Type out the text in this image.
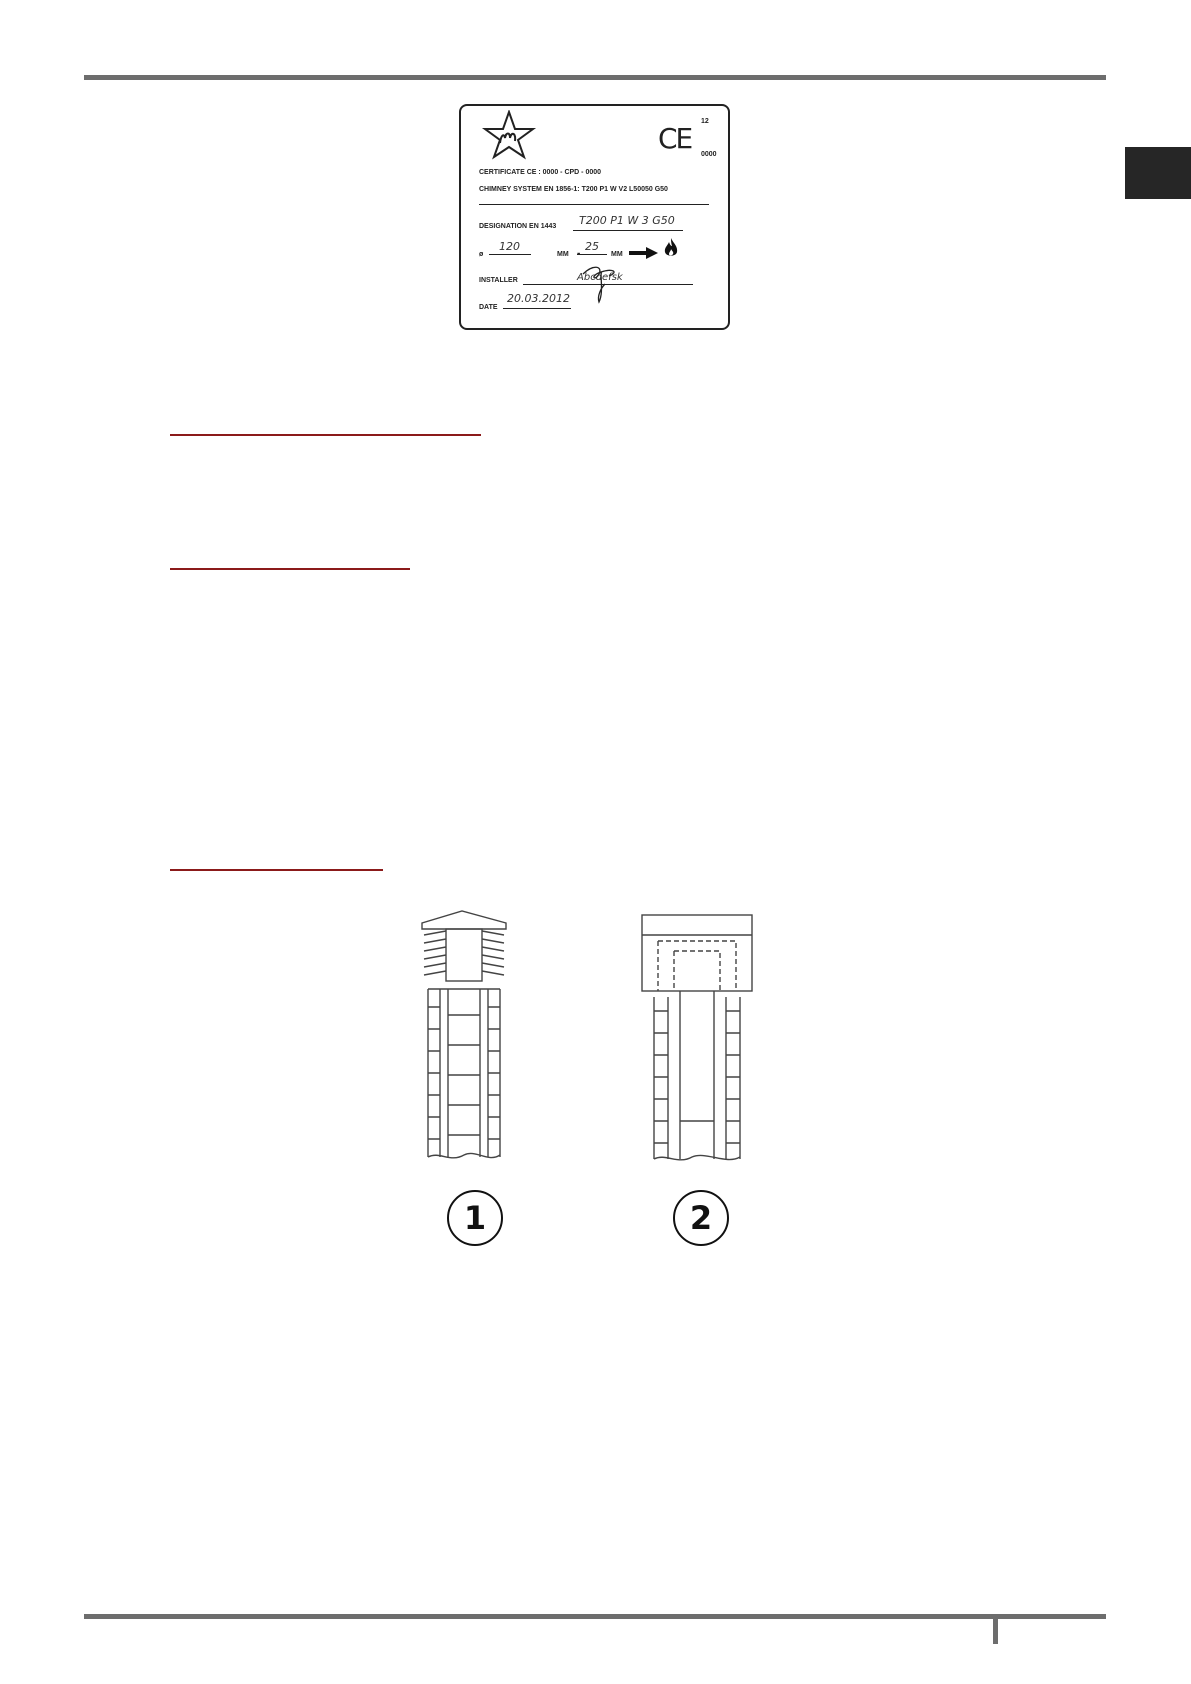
CE
12
0000
CERTIFICATE CE : 0000 - CPD - 0000
CHIMNEY SYSTEM EN 1856-1: T200 P1 W V2 L50050 G50
DESIGNATION EN 1443 T200 P1 W 3 G50
ø
120
MM
25
MM
INSTALLER	Abcdefsk
DATE
20.03.2012
1	2
